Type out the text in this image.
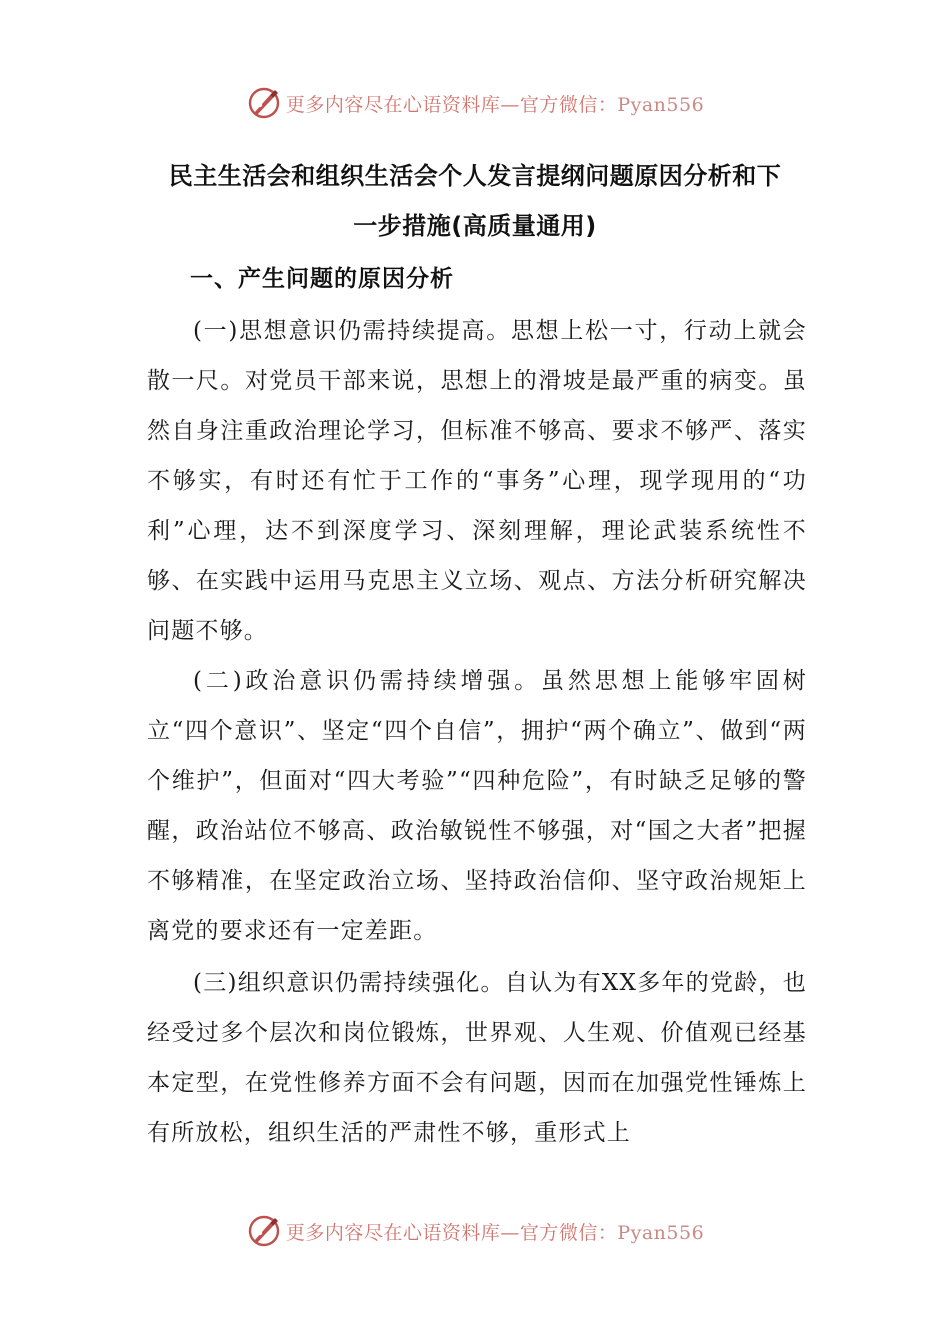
更多内容尽在心语资料库—官方微信：Pyan556
民主生活会和组织生活会个人发言提纲问题原因分析和下
一步措施(高质量通用)
一、产生问题的原因分析

(一)思想意识仍需持续提高。思想上松一寸，行动上就会散一尺。对党员干部来说，思想上的滑坡是最严重的病变。虽然自身注重政治理论学习，但标准不够高、要求不够严、落实不够实，有时还有忙于工作的“事务”心理，现学现用的“功利”心理，达不到深度学习、深刻理解，理论武装系统性不够、在实践中运用马克思主义立场、观点、方法分析研究解决问题不够。

(二)政治意识仍需持续增强。虽然思想上能够牢固树立“四个意识”、坚定“四个自信”，拥护“两个确立”、做到“两个维护”，但面对“四大考验”“四种危险”，有时缺乏足够的警醒，政治站位不够高、政治敏锐性不够强，对“国之大者”把握不够精准，在坚定政治立场、坚持政治信仰、坚守政治规矩上离党的要求还有一定差距。

(三)组织意识仍需持续强化。自认为有XX多年的党龄，也经受过多个层次和岗位锻炼，世界观、人生观、价值观已经基本定型，在党性修养方面不会有问题，因而在加强党性锤炼上有所放松，组织生活的严肃性不够，重形式上

更多内容尽在心语资料库—官方微信：Pyan556
